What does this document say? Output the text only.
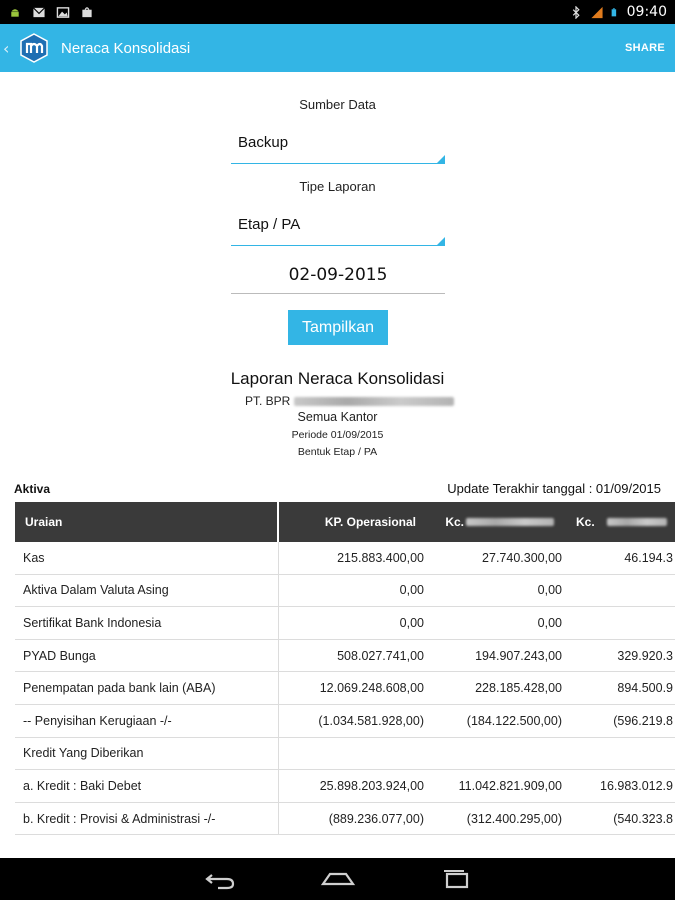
09:40
‹	Neraca Konsolidasi	SHARE
Sumber Data
Backup
Tipe Laporan
Etap / PA
02-09-2015
Tampilkan
Laporan Neraca Konsolidasi
PT. BPR
Semua Kantor
Periode 01/09/2015
Bentuk Etap / PA
Aktiva	Update Terakhir tanggal : 01/09/2015
Uraian	KP. Operasional	Kc.	Kc.
Kas	215.883.400,00	27.740.300,00	46.194.3
Aktiva Dalam Valuta Asing	0,00	0,00
Sertifikat Bank Indonesia	0,00	0,00
PYAD Bunga	508.027.741,00	194.907.243,00	329.920.3
Penempatan pada bank lain (ABA)	12.069.248.608,00	228.185.428,00	894.500.9
-- Penyisihan Kerugiaan -/-	(1.034.581.928,00)	(184.122.500,00)	(596.219.8
Kredit Yang Diberikan
a. Kredit : Baki Debet	25.898.203.924,00	11.042.821.909,00	16.983.012.9
b. Kredit : Provisi & Administrasi -/-	(889.236.077,00)	(312.400.295,00)	(540.323.8
